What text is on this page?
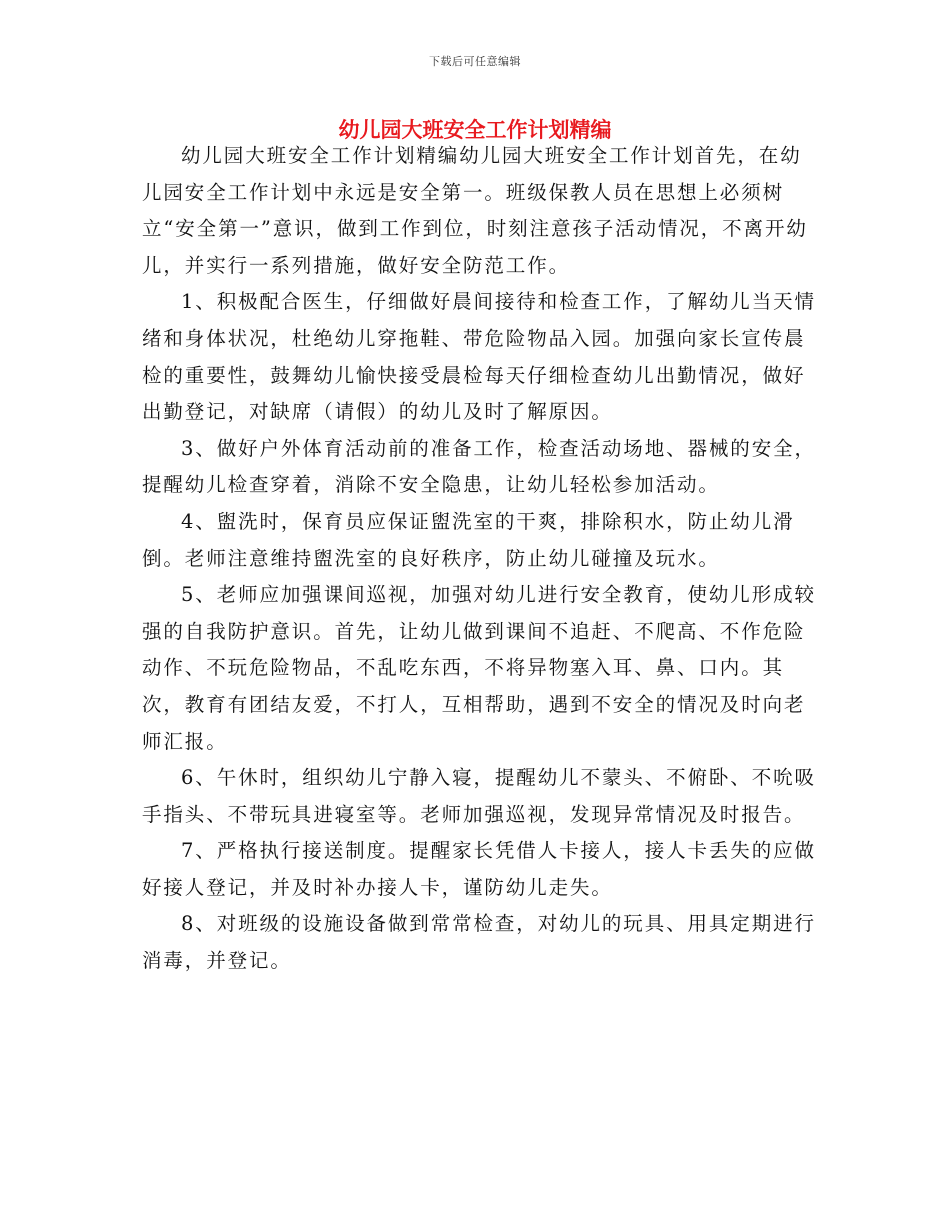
下载后可任意编辑
幼儿园大班安全工作计划精编

幼儿园大班安全工作计划精编幼儿园大班安全工作计划首先，在幼儿园安全工作计划中永远是安全第一。班级保教人员在思想上必须树立“安全第一”意识，做到工作到位，时刻注意孩子活动情况，不离开幼儿，并实行一系列措施，做好安全防范工作。

1、积极配合医生，仔细做好晨间接待和检查工作，了解幼儿当天情绪和身体状况，杜绝幼儿穿拖鞋、带危险物品入园。加强向家长宣传晨检的重要性，鼓舞幼儿愉快接受晨检每天仔细检查幼儿出勤情况，做好出勤登记，对缺席（请假）的幼儿及时了解原因。

3、做好户外体育活动前的准备工作，检查活动场地、器械的安全，提醒幼儿检查穿着，消除不安全隐患，让幼儿轻松参加活动。

4、盥洗时，保育员应保证盥洗室的干爽，排除积水，防止幼儿滑倒。老师注意维持盥洗室的良好秩序，防止幼儿碰撞及玩水。

5、老师应加强课间巡视，加强对幼儿进行安全教育，使幼儿形成较强的自我防护意识。首先，让幼儿做到课间不追赶、不爬高、不作危险动作、不玩危险物品，不乱吃东西，不将异物塞入耳、鼻、口内。其次，教育有团结友爱，不打人，互相帮助，遇到不安全的情况及时向老师汇报。

6、午休时，组织幼儿宁静入寝，提醒幼儿不蒙头、不俯卧、不吮吸手指头、不带玩具进寝室等。老师加强巡视，发现异常情况及时报告。

7、严格执行接送制度。提醒家长凭借人卡接人，接人卡丢失的应做好接人登记，并及时补办接人卡，谨防幼儿走失。

8、对班级的设施设备做到常常检查，对幼儿的玩具、用具定期进行消毒，并登记。
